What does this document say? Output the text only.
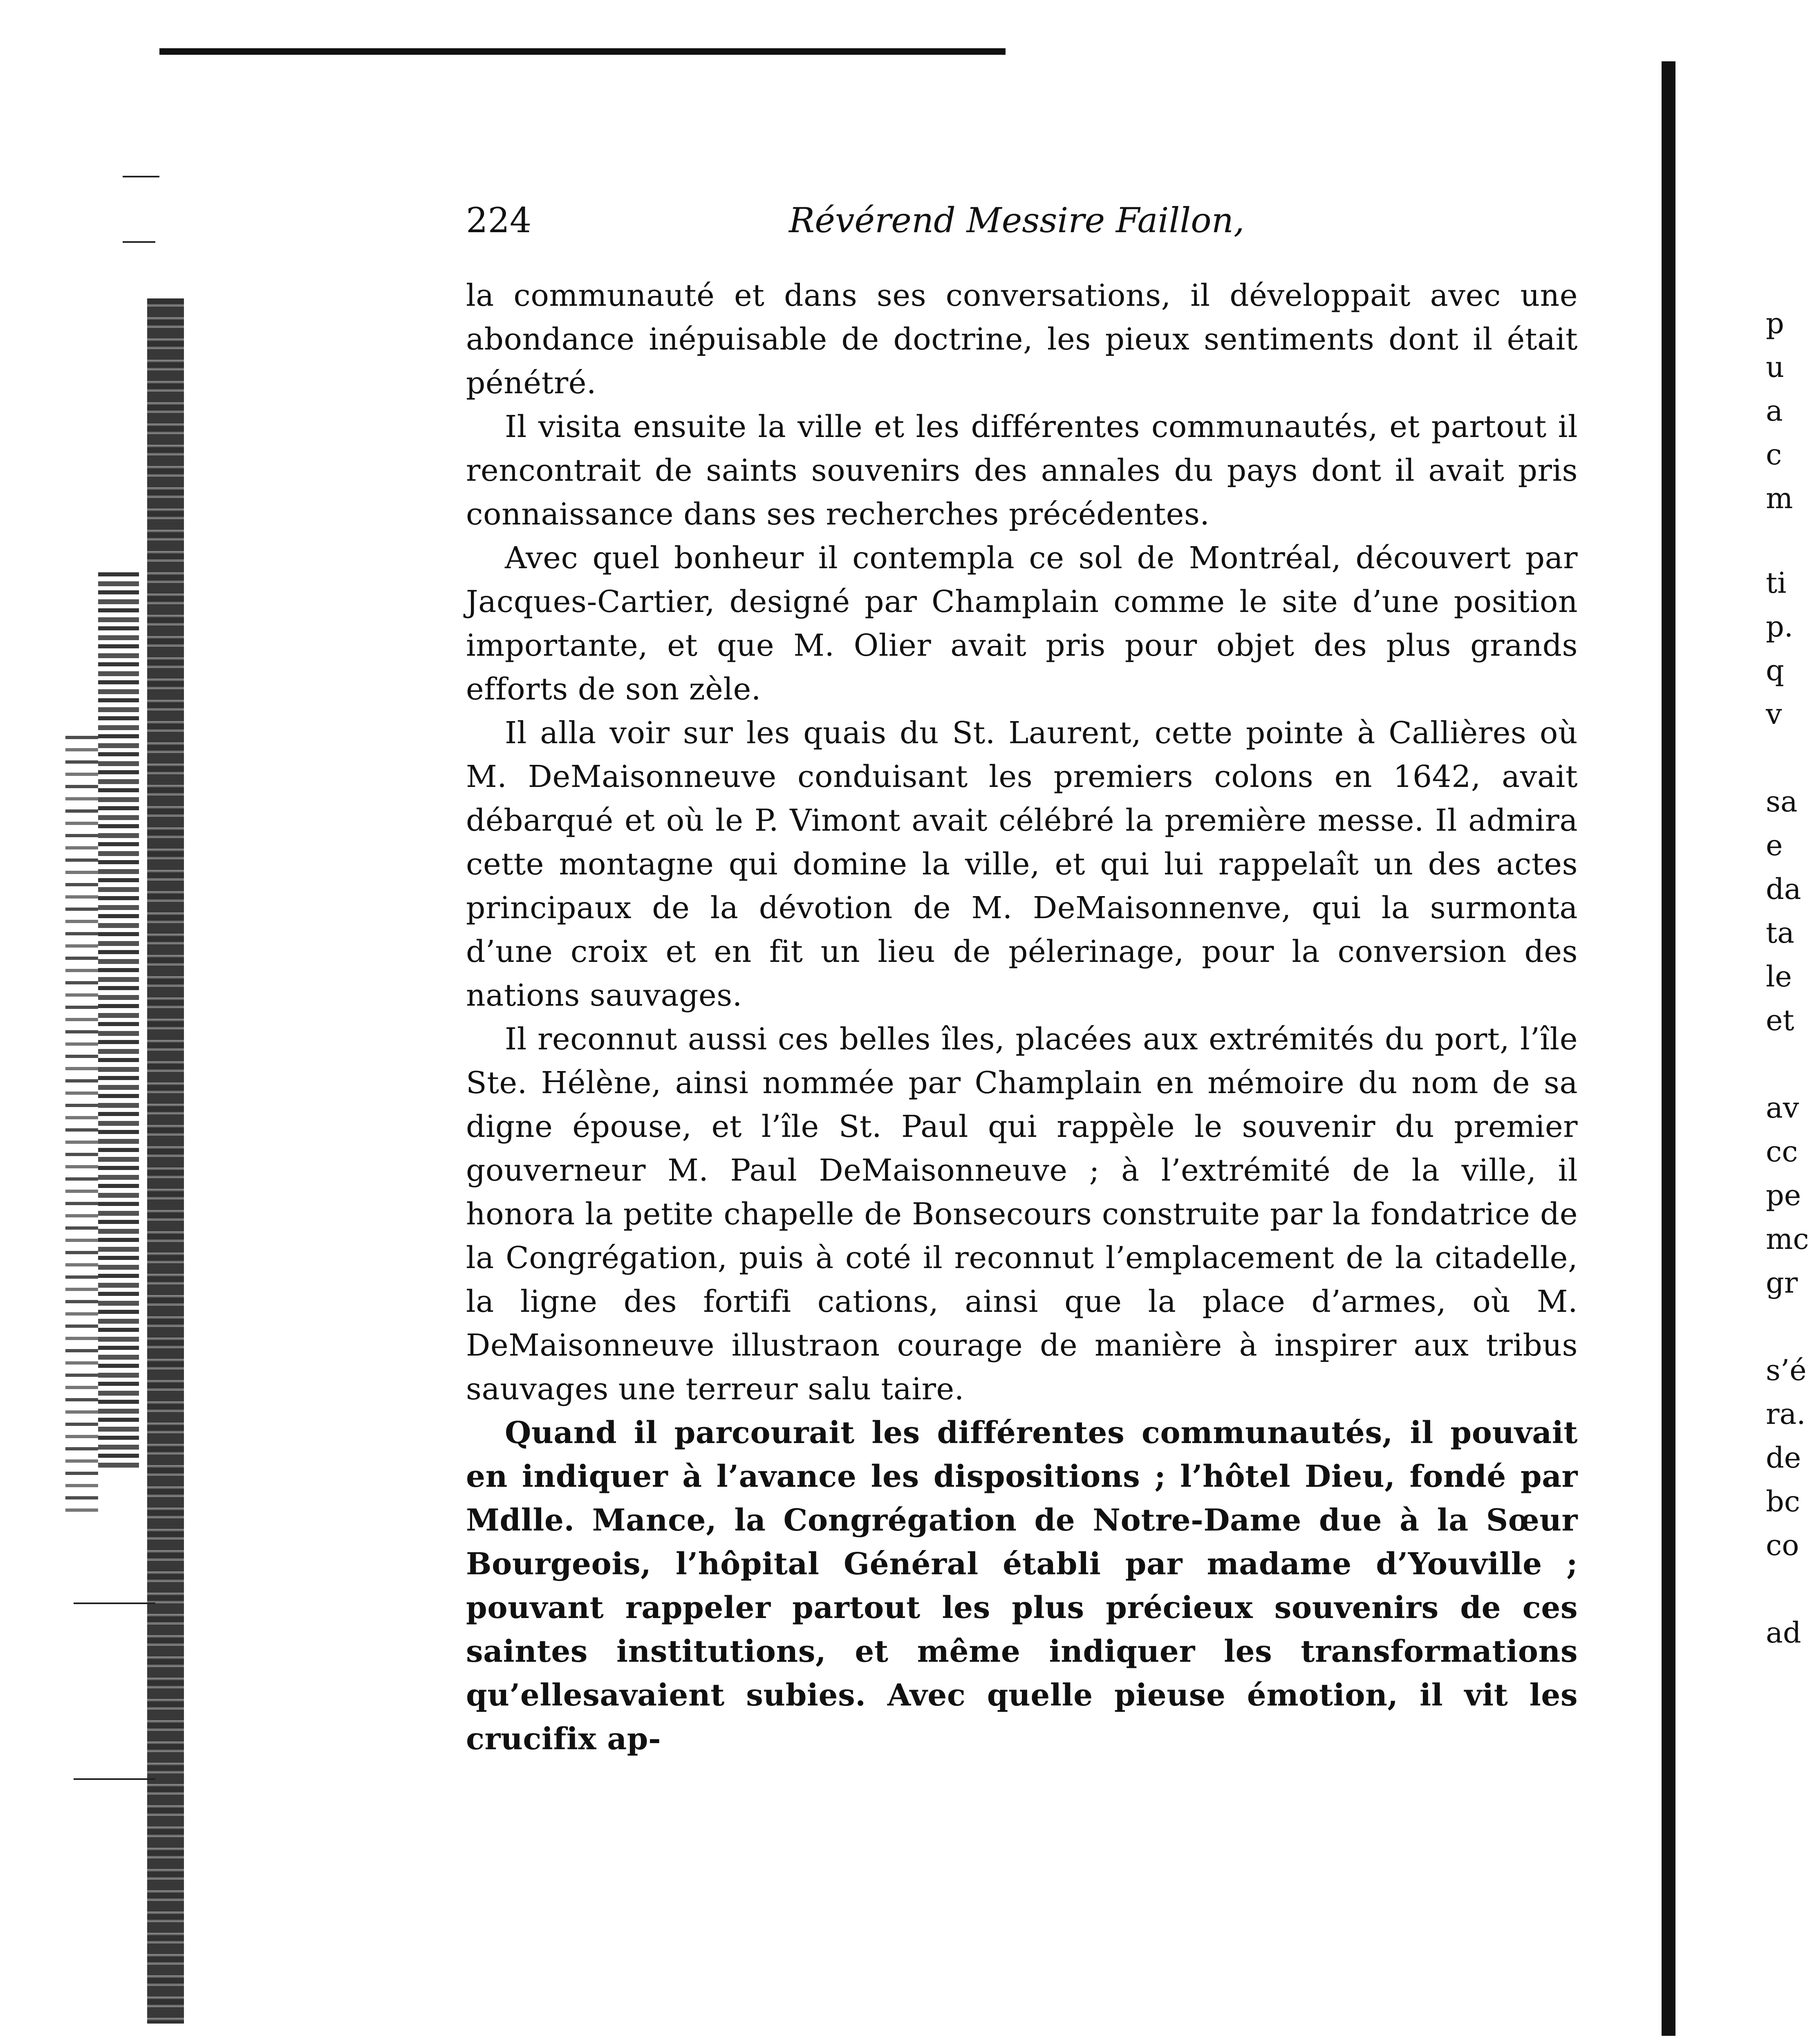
224	Révérend Messire Faillon,

la communauté et dans ses conversations, il développait avec une abondance inépuisable de doctrine, les pieux sentiments dont il était pénétré.

Il visita ensuite la ville et les différentes communautés, et partout il rencontrait de saints souvenirs des annales du pays dont il avait pris connaissance dans ses recherches précédentes.

Avec quel bonheur il contempla ce sol de Montréal, découvert par Jacques-Cartier, designé par Champlain comme le site d’une position importante, et que M. Olier avait pris pour objet des plus grands efforts de son zèle.

Il alla voir sur les quais du St. Laurent, cette pointe à Callières où M. DeMaisonneuve conduisant les premiers colons en 1642, avait débarqué et où le P. Vimont avait célébré la première messe. Il admira cette montagne qui domine la ville, et qui lui rappelaît un des actes principaux de la dévotion de M. DeMaisonnenve, qui la surmonta d’une croix et en fit un lieu de pélerinage, pour la conversion des nations sauvages.

Il reconnut aussi ces belles îles, placées aux extrémités du port, l’île Ste. Hélène, ainsi nommée par Champlain en mémoire du nom de sa digne épouse, et l’île St. Paul qui rappèle le souvenir du premier gouverneur M. Paul DeMaisonneuve ; à l’extrémité de la ville, il honora la petite chapelle de Bonsecours construite par la fondatrice de la Congrégation, puis à coté il reconnut l’emplacement de la citadelle, la ligne des fortifi cations, ainsi que la place d’armes, où M. DeMaisonneuve illustraon courage de manière à inspirer aux tribus sauvages une terreur salu taire.

Quand il parcourait les différentes communautés, il pouvait en indiquer à l’avance les dispositions ; l’hôtel Dieu, fondé par Mdlle. Mance, la Congrégation de Notre-Dame due à la Sœur Bourgeois, l’hôpital Général établi par madame d’Youville ; pouvant rappeler partout les plus précieux souvenirs de ces saintes institutions, et même indiquer les transformations qu’ellesavaient subies. Avec quelle pieuse émotion, il vit les crucifix ap-

p
u
a
c
m
ti
p.
q
v
sa
e
da
ta
le
et
av
cc
pe
mc
gr
s’é
ra.
de
bc
co
ad
